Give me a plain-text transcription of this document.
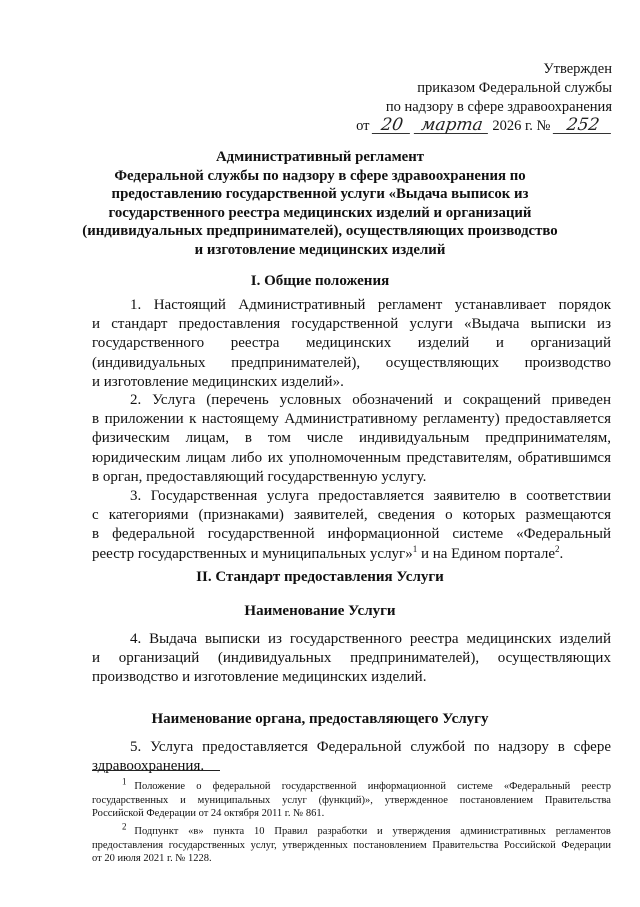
Утвержден
приказом Федеральной службы
по надзору в сфере здравоохранения
от 20 марта 2026 г. № 252
Административный регламент
Федеральной службы по надзору в сфере здравоохранения по
предоставлению государственной услуги «Выдача выписок из
государственного реестра медицинских изделий и организаций
(индивидуальных предпринимателей), осуществляющих производство
и изготовление медицинских изделий
I. Общие положения
1. Настоящий Административный регламент устанавливает порядок
и стандарт предоставления государственной услуги «Выдача выписки из
государственного реестра медицинских изделий и организаций
(индивидуальных предпринимателей), осуществляющих производство
и изготовление медицинских изделий».
2. Услуга (перечень условных обозначений и сокращений приведен
в приложении к настоящему Административному регламенту) предоставляется
физическим лицам, в том числе индивидуальным предпринимателям,
юридическим лицам либо их уполномоченным представителям, обратившимся
в орган, предоставляющий государственную услугу.
3. Государственная услуга предоставляется заявителю в соответствии
с категориями (признаками) заявителей, сведения о которых размещаются
в федеральной государственной информационной системе «Федеральный
реестр государственных и муниципальных услуг»$^1$ и на Едином портале$^2$.
II. Стандарт предоставления Услуги
Наименование Услуги
4. Выдача выписки из государственного реестра медицинских изделий
и организаций (индивидуальных предпринимателей), осуществляющих
производство и изготовление медицинских изделий.
Наименование органа, предоставляющего Услугу
5. Услуга предоставляется Федеральной службой по надзору в сфере
здравоохранения.
$^1$ Положение о федеральной государственной информационной системе «Федеральный реестр
государственных и муниципальных услуг (функций)», утвержденное постановлением Правительства
Российской Федерации от 24 октября 2011 г. № 861.
$^2$ Подпункт «в» пункта 10 Правил разработки и утверждения административных регламентов
предоставления государственных услуг, утвержденных постановлением Правительства Российской Федерации
от 20 июля 2021 г. № 1228.
